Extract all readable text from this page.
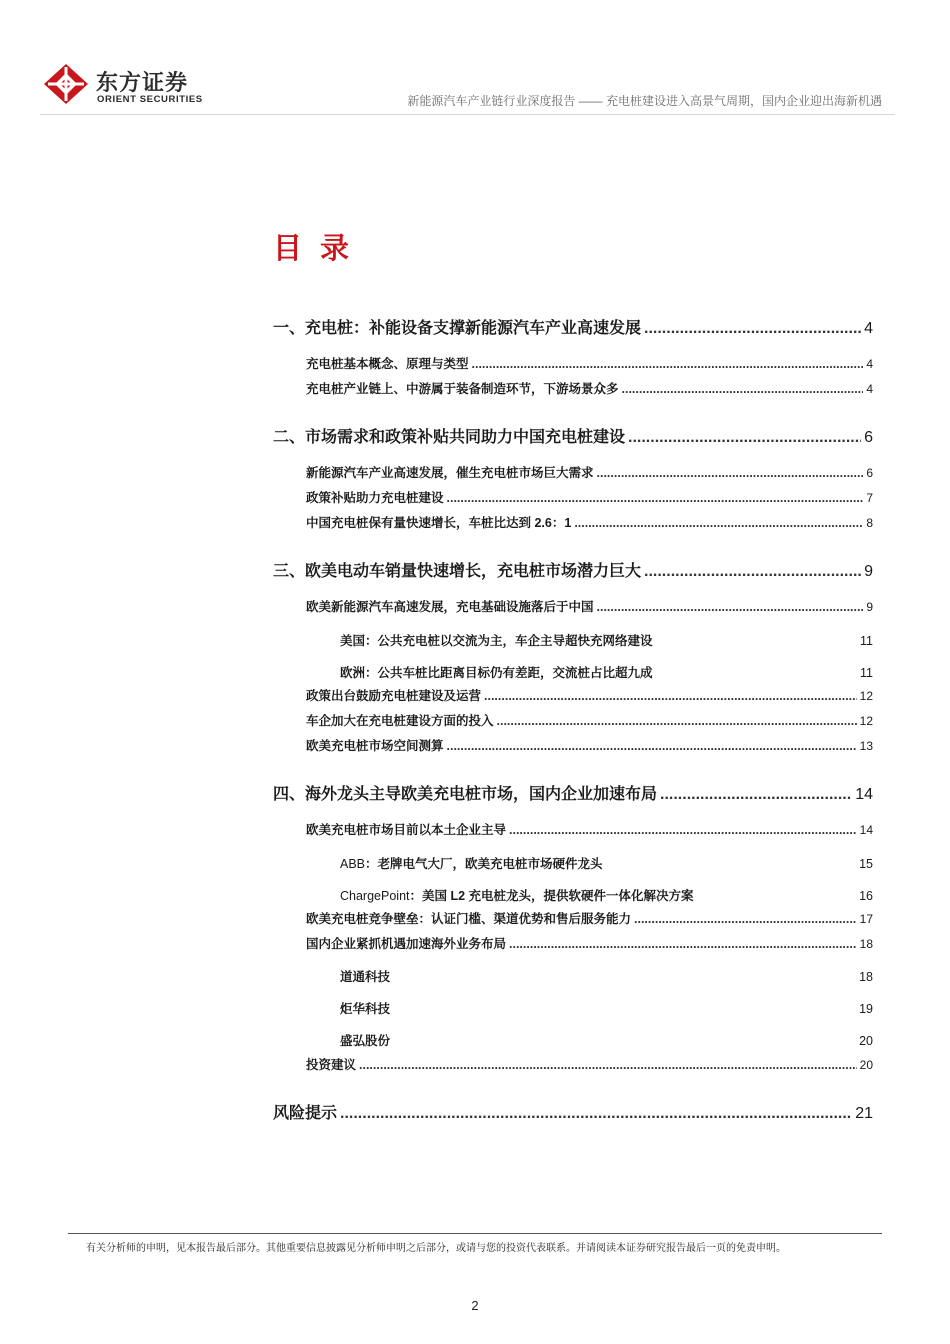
东方证券
ORIENT SECURITIES	新能源汽车产业链行业深度报告 —— 充电桩建设进入高景气周期，国内企业迎出海新机遇
目 录
一、充电桩：补能设备支撑新能源汽车产业高速发展 .....	4
充电桩基本概念、原理与类型 .....	4
充电桩产业链上、中游属于装备制造环节，下游场景众多 .....	4
二、市场需求和政策补贴共同助力中国充电桩建设 .....	6
新能源汽车产业高速发展，催生充电桩市场巨大需求 .....	6
政策补贴助力充电桩建设 .....	7
中国充电桩保有量快速增长，车桩比达到 2.6：1 .....	8
三、欧美电动车销量快速增长，充电桩市场潜力巨大 .....	9
欧美新能源汽车高速发展，充电基础设施落后于中国 .....	9
美国：公共充电桩以交流为主，车企主导超快充网络建设	11
欧洲：公共车桩比距离目标仍有差距，交流桩占比超九成	11
政策出台鼓励充电桩建设及运营 .....	12
车企加大在充电桩建设方面的投入 .....	12
欧美充电桩市场空间测算 .....	13
四、海外龙头主导欧美充电桩市场，国内企业加速布局 .....	14
欧美充电桩市场目前以本土企业主导 .....	14
ABB：老牌电气大厂，欧美充电桩市场硬件龙头	15
ChargePoint：美国 L2 充电桩龙头，提供软硬件一体化解决方案	16
欧美充电桩竞争壁垒：认证门槛、渠道优势和售后服务能力 .....	17
国内企业紧抓机遇加速海外业务布局 .....	18
道通科技	18
炬华科技	19
盛弘股份	20
投资建议 .....	20
风险提示 .....	21
有关分析师的申明，见本报告最后部分。其他重要信息披露见分析师申明之后部分，或请与您的投资代表联系。并请阅读本证券研究报告最后一页的免责申明。
2
